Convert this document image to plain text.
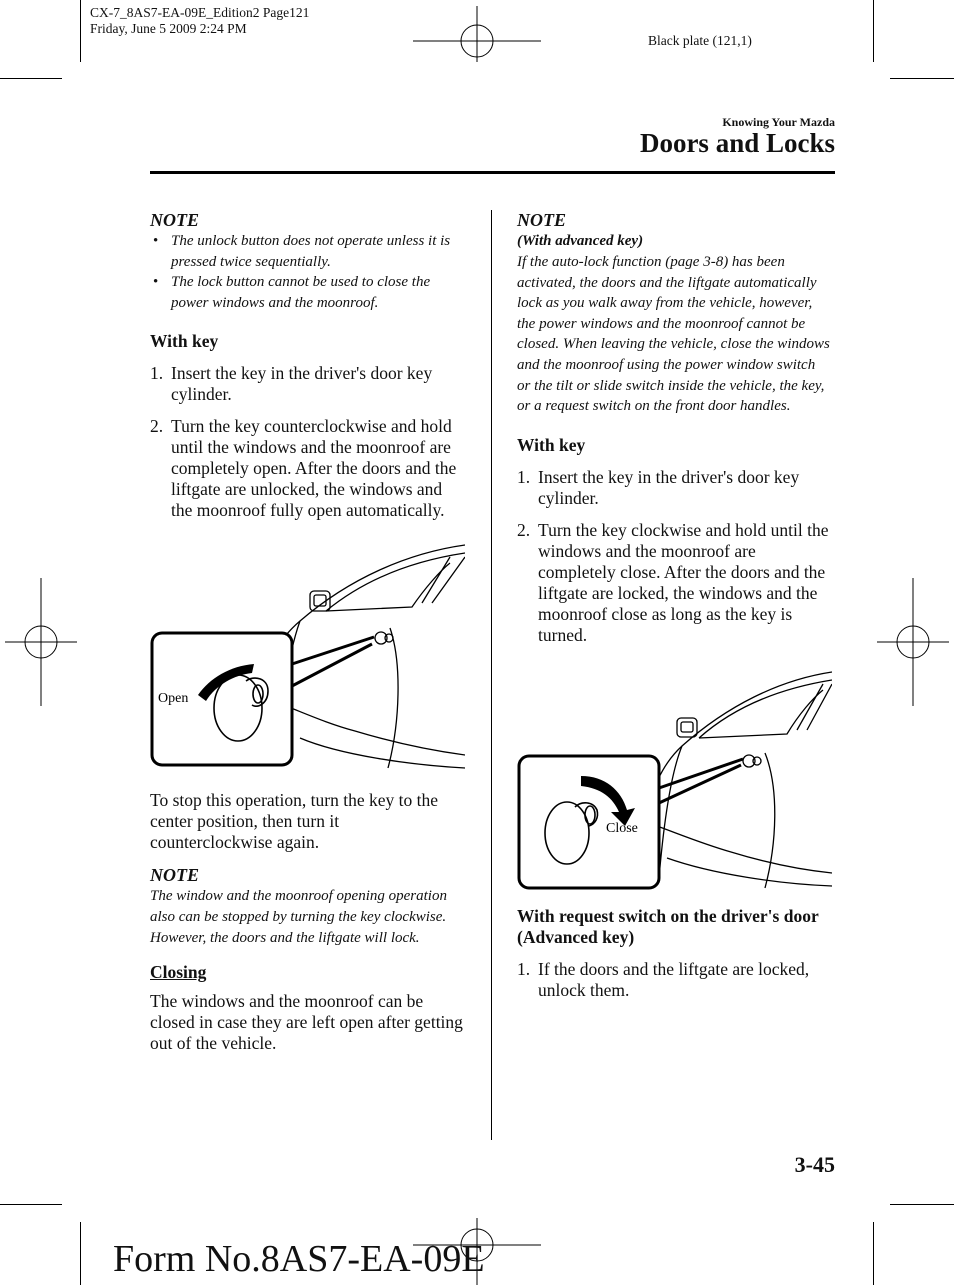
CX-7_8AS7-EA-09E_Edition2 Page121
Friday, June 5 2009 2:24 PM
Black plate (121,1)
Knowing Your Mazda
Doors and Locks
NOTE
• The unlock button does not operate unless it is pressed twice sequentially.
• The lock button cannot be used to close the power windows and the moonroof.
With key
1. Insert the key in the driver's door key cylinder.
2. Turn the key counterclockwise and hold until the windows and the moonroof are completely open. After the doors and the liftgate are unlocked, the windows and the moonroof fully open automatically.
Open

To stop this operation, turn the key to the center position, then turn it counterclockwise again.

NOTE
The window and the moonroof opening operation also can be stopped by turning the key clockwise. However, the doors and the liftgate will lock.
Closing

The windows and the moonroof can be closed in case they are left open after getting out of the vehicle.

NOTE
(With advanced key)
If the auto-lock function (page 3-8) has been activated, the doors and the liftgate automatically lock as you walk away from the vehicle, however, the power windows and the moonroof cannot be closed. When leaving the vehicle, close the windows and the moonroof using the power window switch or the tilt or slide switch inside the vehicle, the key, or a request switch on the front door handles.
With key
1. Insert the key in the driver's door key cylinder.
2. Turn the key clockwise and hold until the windows and the moonroof are completely close. After the doors and the liftgate are locked, the windows and the moonroof close as long as the key is turned.
Close
With request switch on the driver's door (Advanced key)
1. If the doors and the liftgate are locked, unlock them.
3-45
Form No.8AS7-EA-09E
